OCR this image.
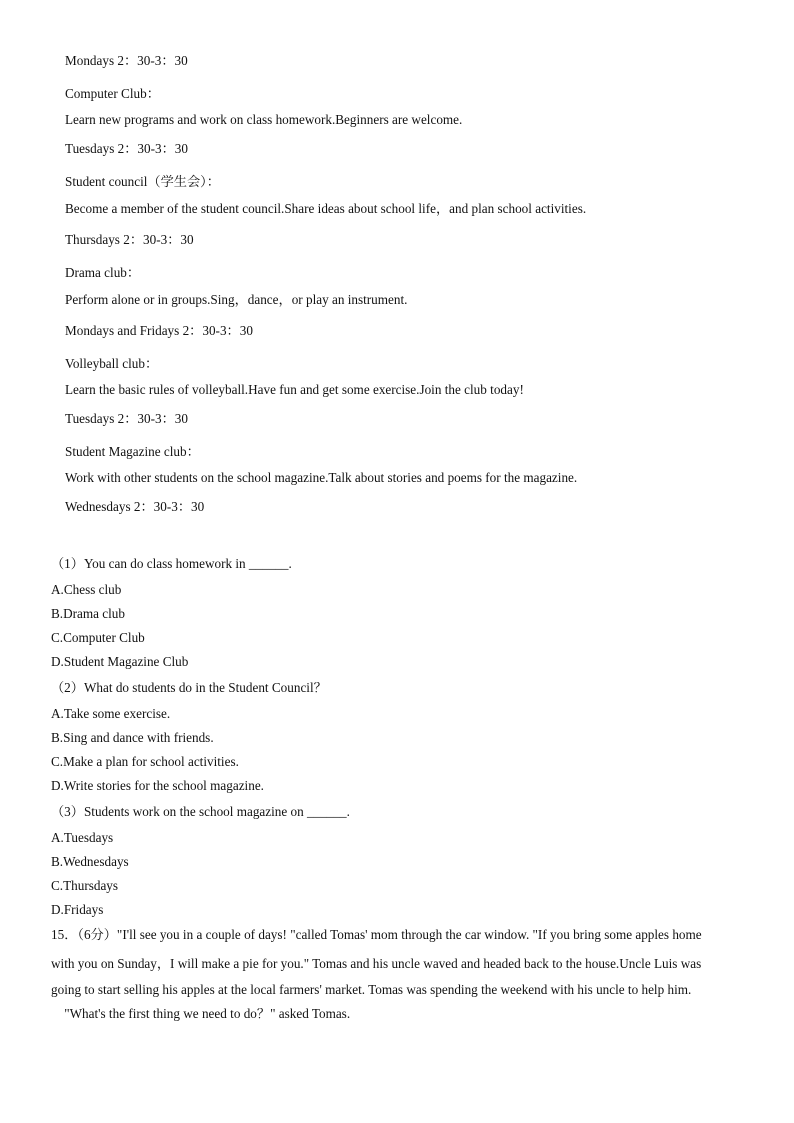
Mondays 2：30-3：30
Computer Club：
Learn new programs and work on class homework.Beginners are welcome.
Tuesdays 2：30-3：30
Student council（学生会）：
Become a member of the student council.Share ideas about school life，and plan school activities.
Thursdays 2：30-3：30
Drama club：
Perform alone or in groups.Sing，dance，or play an instrument.
Mondays and Fridays 2：30-3：30
Volleyball club：
Learn the basic rules of volleyball.Have fun and get some exercise.Join the club today!
Tuesdays 2：30-3：30
Student Magazine club：
Work with other students on the school magazine.Talk about stories and poems for the magazine.
Wednesdays 2：30-3：30
（1）You can do class homework in ______.
A.Chess club
B.Drama club
C.Computer Club
D.Student Magazine Club
（2）What do students do in the Student Council？
A.Take some exercise.
B.Sing and dance with friends.
C.Make a plan for school activities.
D.Write stories for the school magazine.
（3）Students work on the school magazine on ______.
A.Tuesdays
B.Wednesdays
C.Thursdays
D.Fridays
15．（6分）"I'll see you in a couple of days! "called Tomas' mom through the car window. "If you bring some apples home
with you on Sunday，I will make a pie for you." Tomas and his uncle waved and headed back to the house.Uncle Luis was
going to start selling his apples at the local farmers' market. Tomas was spending the weekend with his uncle to help him.
"What's the first thing we need to do？" asked Tomas.
